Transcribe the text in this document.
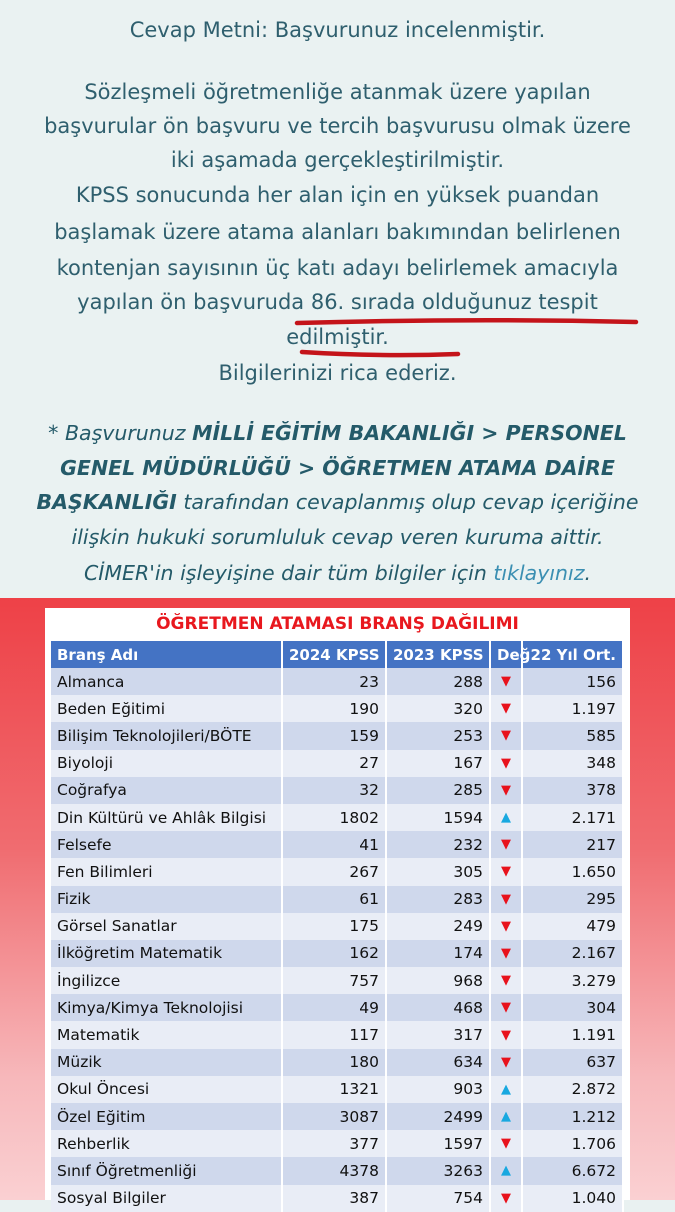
Cevap Metni: Başvurunuz incelenmiştir.
Sözleşmeli öğretmenliğe atanmak üzere yapılan
başvurular ön başvuru ve tercih başvurusu olmak üzere
iki aşamada gerçekleştirilmiştir.
KPSS sonucunda her alan için en yüksek puandan
başlamak üzere atama alanları bakımından belirlenen
kontenjan sayısının üç katı adayı belirlemek amacıyla
yapılan ön başvuruda 86. sırada olduğunuz tespit
edilmiştir.
Bilgilerinizi rica ederiz.
* Başvurunuz MİLLİ EĞİTİM BAKANLIĞI > PERSONEL
GENEL MÜDÜRLÜĞÜ > ÖĞRETMEN ATAMA DAİRE
BAŞKANLIĞI tarafından cevaplanmış olup cevap içeriğine
ilişkin hukuki sorumluluk cevap veren kuruma aittir.
CİMER'in işleyişine dair tüm bilgiler için tıklayınız.
ÖĞRETMEN ATAMASI BRANŞ DAĞILIMI
Branş Adı	2024 KPSS	2023 KPSS	Değ	22 Yıl Ort.
Almanca	23	288	▼	156
Beden Eğitimi	190	320	▼	1.197
Bilişim Teknolojileri/BÖTE	159	253	▼	585
Biyoloji	27	167	▼	348
Coğrafya	32	285	▼	378
Din Kültürü ve Ahlâk Bilgisi	1802	1594	▲	2.171
Felsefe	41	232	▼	217
Fen Bilimleri	267	305	▼	1.650
Fizik	61	283	▼	295
Görsel Sanatlar	175	249	▼	479
İlköğretim Matematik	162	174	▼	2.167
İngilizce	757	968	▼	3.279
Kimya/Kimya Teknolojisi	49	468	▼	304
Matematik	117	317	▼	1.191
Müzik	180	634	▼	637
Okul Öncesi	1321	903	▲	2.872
Özel Eğitim	3087	2499	▲	1.212
Rehberlik	377	1597	▼	1.706
Sınıf Öğretmenliği	4378	3263	▲	6.672
Sosyal Bilgiler	387	754	▼	1.040
